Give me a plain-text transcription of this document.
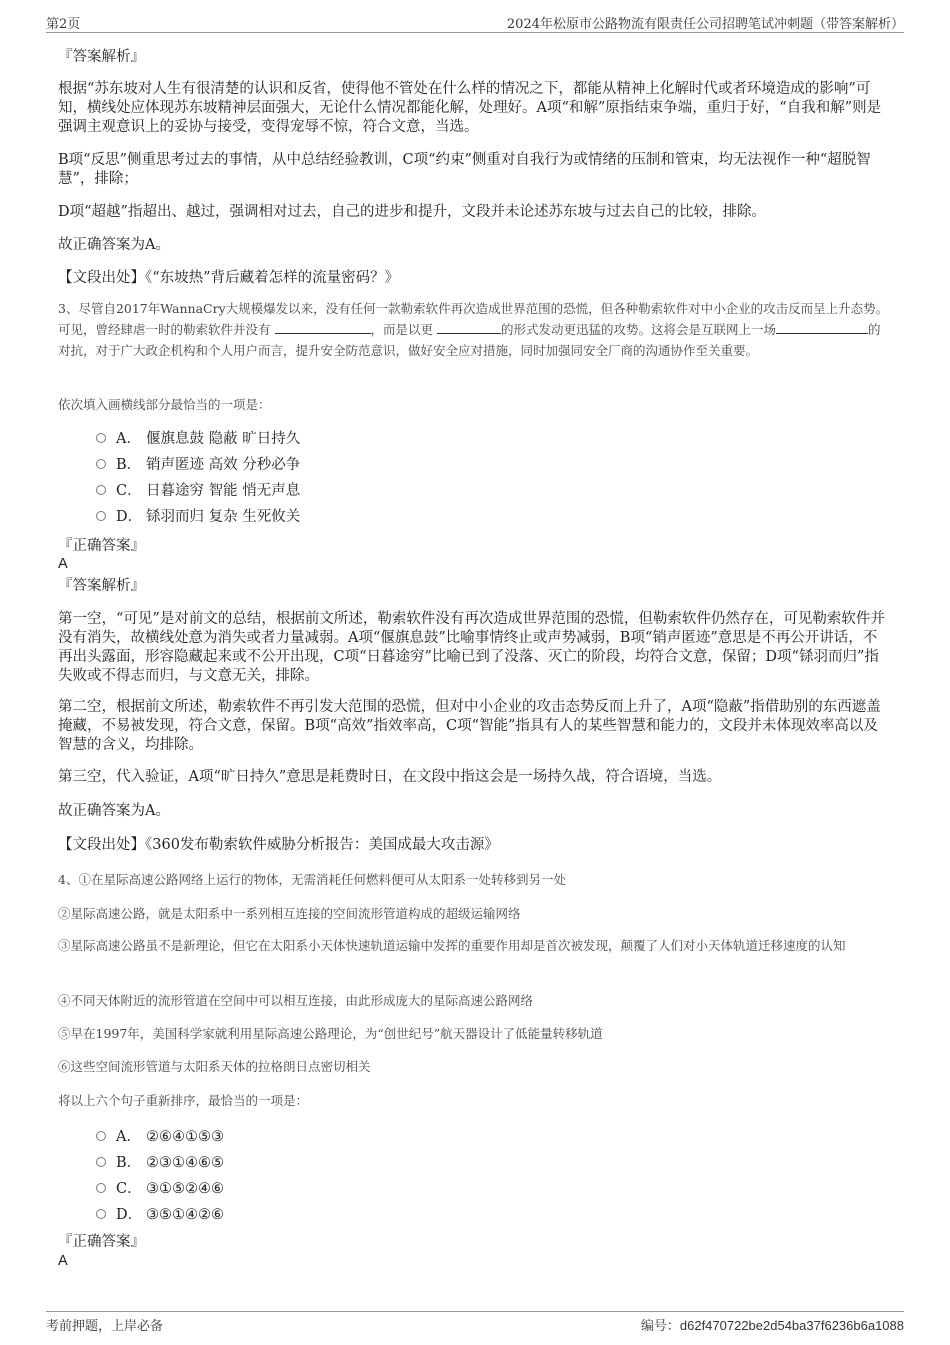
第2页	2024年松原市公路物流有限责任公司招聘笔试冲刺题（带答案解析）
『答案解析』
根据“苏东坡对人生有很清楚的认识和反省，使得他不管处在什么样的情况之下，都能从精神上化解时代或者环境造成的影响”可知，横线处应体现苏东坡精神层面强大，无论什么情况都能化解，处理好。A项“和解”原指结束争端，重归于好，“自我和解”则是强调主观意识上的妥协与接受，变得宠辱不惊，符合文意，当选。
B项“反思”侧重思考过去的事情，从中总结经验教训，C项“约束”侧重对自我行为或情绪的压制和管束，均无法视作一种“超脱智慧”，排除；
D项“超越”指超出、越过，强调相对过去，自己的进步和提升，文段并未论述苏东坡与过去自己的比较，排除。
故正确答案为A。
【文段出处】《“东坡热”背后藏着怎样的流量密码？》
3、尽管自2017年WannaCry大规模爆发以来，没有任何一款勒索软件再次造成世界范围的恐慌，但各种勒索软件对中小企业的攻击反而呈上升态势。可见，曾经肆虐一时的勒索软件并没有	，而是以更	的形式发动更迅猛的攻势。这将会是互联网上一场	的对抗，对于广大政企机构和个人用户而言，提升安全防范意识，做好安全应对措施，同时加强同安全厂商的沟通协作至关重要。
依次填入画横线部分最恰当的一项是：
A． 偃旗息鼓 隐蔽 旷日持久
B． 销声匿迹 高效 分秒必争
C． 日暮途穷 智能 悄无声息
D． 铩羽而归 复杂 生死攸关
『正确答案』
A
『答案解析』
第一空，“可见”是对前文的总结，根据前文所述，勒索软件没有再次造成世界范围的恐慌，但勒索软件仍然存在，可见勒索软件并没有消失，故横线处意为消失或者力量减弱。A项“偃旗息鼓”比喻事情终止或声势减弱，B项“销声匿迹”意思是不再公开讲话，不再出头露面，形容隐藏起来或不公开出现，C项“日暮途穷”比喻已到了没落、灭亡的阶段，均符合文意，保留；D项“铩羽而归”指失败或不得志而归，与文意无关，排除。
第二空，根据前文所述，勒索软件不再引发大范围的恐慌，但对中小企业的攻击态势反而上升了，A项“隐蔽”指借助别的东西遮盖掩藏，不易被发现，符合文意，保留。B项“高效”指效率高，C项“智能”指具有人的某些智慧和能力的，文段并未体现效率高以及智慧的含义，均排除。
第三空，代入验证，A项“旷日持久”意思是耗费时日，在文段中指这会是一场持久战，符合语境，当选。
故正确答案为A。
【文段出处】《360发布勒索软件威胁分析报告：美国成最大攻击源》
4、①在星际高速公路网络上运行的物体，无需消耗任何燃料便可从太阳系一处转移到另一处
②星际高速公路，就是太阳系中一系列相互连接的空间流形管道构成的超级运输网络
③星际高速公路虽不是新理论，但它在太阳系小天体快速轨道运输中发挥的重要作用却是首次被发现，颠覆了人们对小天体轨道迁移速度的认知
④不同天体附近的流形管道在空间中可以相互连接，由此形成庞大的星际高速公路网络
⑤早在1997年，美国科学家就利用星际高速公路理论，为“创世纪号”航天器设计了低能量转移轨道
⑥这些空间流形管道与太阳系天体的拉格朗日点密切相关
将以上六个句子重新排序，最恰当的一项是：
A． ②⑥④①⑤③
B． ②③①④⑥⑤
C． ③①⑤②④⑥
D． ③⑤①④②⑥
『正确答案』
A
考前押题，上岸必备	编号：d62f470722be2d54ba37f6236b6a1088
